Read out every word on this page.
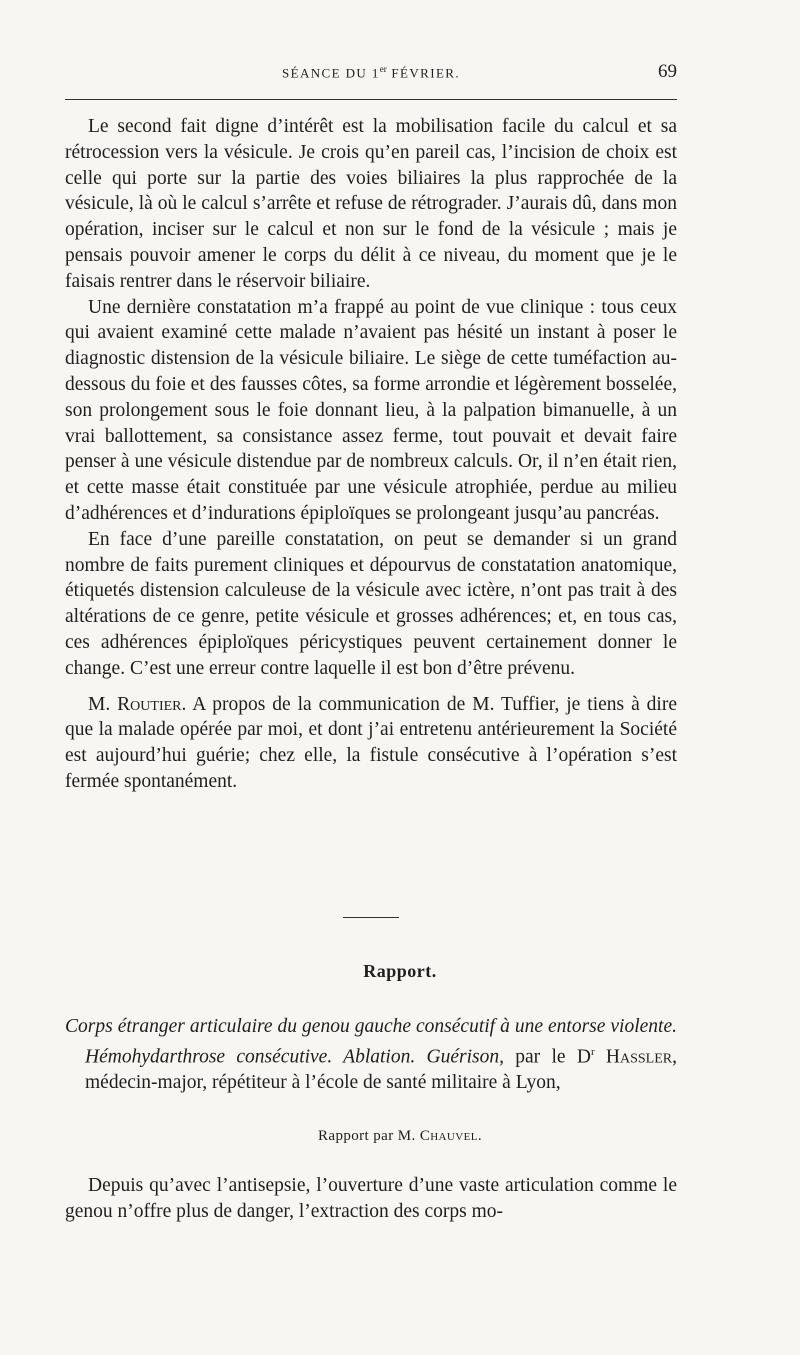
SÉANCE DU 1er FÉVRIER.	69

Le second fait digne d’intérêt est la mobilisation facile du calcul et sa rétrocession vers la vésicule. Je crois qu’en pareil cas, l’incision de choix est celle qui porte sur la partie des voies biliaires la plus rapprochée de la vésicule, là où le calcul s’arrête et refuse de rétrograder. J’aurais dû, dans mon opération, inciser sur le calcul et non sur le fond de la vésicule ; mais je pensais pouvoir amener le corps du délit à ce niveau, du moment que je le faisais rentrer dans le réservoir biliaire.

Une dernière constatation m’a frappé au point de vue clinique : tous ceux qui avaient examiné cette malade n’avaient pas hésité un instant à poser le diagnostic distension de la vésicule biliaire. Le siège de cette tuméfaction au-dessous du foie et des fausses côtes, sa forme arrondie et légèrement bosselée, son prolongement sous le foie donnant lieu, à la palpation bimanuelle, à un vrai ballottement, sa consistance assez ferme, tout pouvait et devait faire penser à une vésicule distendue par de nombreux calculs. Or, il n’en était rien, et cette masse était constituée par une vésicule atrophiée, perdue au milieu d’adhérences et d’indurations épiploïques se prolongeant jusqu’au pancréas.

En face d’une pareille constatation, on peut se demander si un grand nombre de faits purement cliniques et dépourvus de constatation anatomique, étiquetés distension calculeuse de la vésicule avec ictère, n’ont pas trait à des altérations de ce genre, petite vésicule et grosses adhérences; et, en tous cas, ces adhérences épiploïques péricystiques peuvent certainement donner le change. C’est une erreur contre laquelle il est bon d’être prévenu.

M. Routier. A propos de la communication de M. Tuffier, je tiens à dire que la malade opérée par moi, et dont j’ai entretenu antérieurement la Société est aujourd’hui guérie; chez elle, la fistule consécutive à l’opération s’est fermée spontanément.

Rapport.

Corps étranger articulaire du genou gauche consécutif à une entorse violente. Hémohydarthrose consécutive. Ablation. Guérison, par le $D^r$ Hassler, médecin-major, répétiteur à l’école de santé militaire à Lyon,

Rapport par M. Chauvel.

Depuis qu’avec l’antisepsie, l’ouverture d’une vaste articulation comme le genou n’offre plus de danger, l’extraction des corps mo-
